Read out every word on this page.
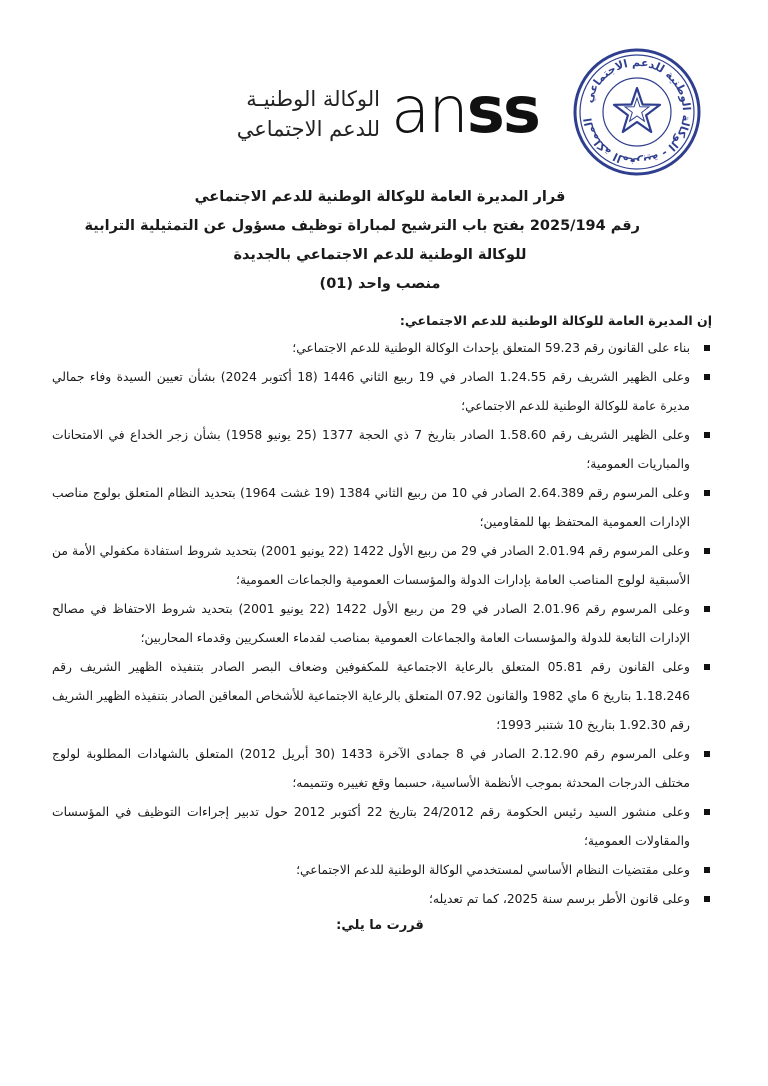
المملكة المغربية - الوكالة الوطنية للدعم الاجتماعي
an ss
الوكالة الوطنيـة
للدعم الاجتماعي
قرار المديرة العامة للوكالة الوطنية للدعم الاجتماعي
رقم 2025/194 بفتح باب الترشيح لمباراة توظيف مسؤول عن التمثيلية الترابية
للوكالة الوطنية للدعم الاجتماعي بالجديدة
منصب واحد (01)
إن المديرة العامة للوكالة الوطنية للدعم الاجتماعي:
بناء على القانون رقم 59.23 المتعلق بإحداث الوكالة الوطنية للدعم الاجتماعي؛
وعلى الظهير الشريف رقم 1.24.55 الصادر في 19 ربيع الثاني 1446 (18 أكتوبر 2024) بشأن تعيين السيدة وفاء جمالي مديرة عامة للوكالة الوطنية للدعم الاجتماعي؛
وعلى الظهير الشريف رقم 1.58.60 الصادر بتاريخ 7 ذي الحجة 1377 (25 يونيو 1958) بشأن زجر الخداع في الامتحانات والمباريات العمومية؛
وعلى المرسوم رقم 2.64.389 الصادر في 10 من ربيع الثاني 1384 (19 غشت 1964) بتحديد النظام المتعلق بولوج مناصب الإدارات العمومية المحتفظ بها للمقاومين؛
وعلى المرسوم رقم 2.01.94 الصادر في 29 من ربيع الأول 1422 (22 يونيو 2001) بتحديد شروط استفادة مكفولي الأمة من الأسبقية لولوج المناصب العامة بإدارات الدولة والمؤسسات العمومية والجماعات العمومية؛
وعلى المرسوم رقم 2.01.96 الصادر في 29 من ربيع الأول 1422 (22 يونيو 2001) بتحديد شروط الاحتفاظ في مصالح الإدارات التابعة للدولة والمؤسسات العامة والجماعات العمومية بمناصب لقدماء العسكريين وقدماء المحاربين؛
وعلى القانون رقم 05.81 المتعلق بالرعاية الاجتماعية للمكفوفين وضعاف البصر الصادر بتنفيذه الظهير الشريف رقم 1.18.246 بتاريخ 6 ماي 1982 والقانون 07.92 المتعلق بالرعاية الاجتماعية للأشخاص المعاقين الصادر بتنفيذه الظهير الشريف رقم 1.92.30 بتاريخ 10 شتنبر 1993؛
وعلى المرسوم رقم 2.12.90 الصادر في 8 جمادى الآخرة 1433 (30 أبريل 2012) المتعلق بالشهادات المطلوبة لولوج مختلف الدرجات المحدثة بموجب الأنظمة الأساسية، حسبما وقع تغييره وتتميمه؛
وعلى منشور السيد رئيس الحكومة رقم 24/2012 بتاريخ 22 أكتوبر 2012 حول تدبير إجراءات التوظيف في المؤسسات والمقاولات العمومية؛
وعلى مقتضيات النظام الأساسي لمستخدمي الوكالة الوطنية للدعم الاجتماعي؛
وعلى قانون الأطر برسم سنة 2025، كما تم تعديله؛
قررت ما يلي:
